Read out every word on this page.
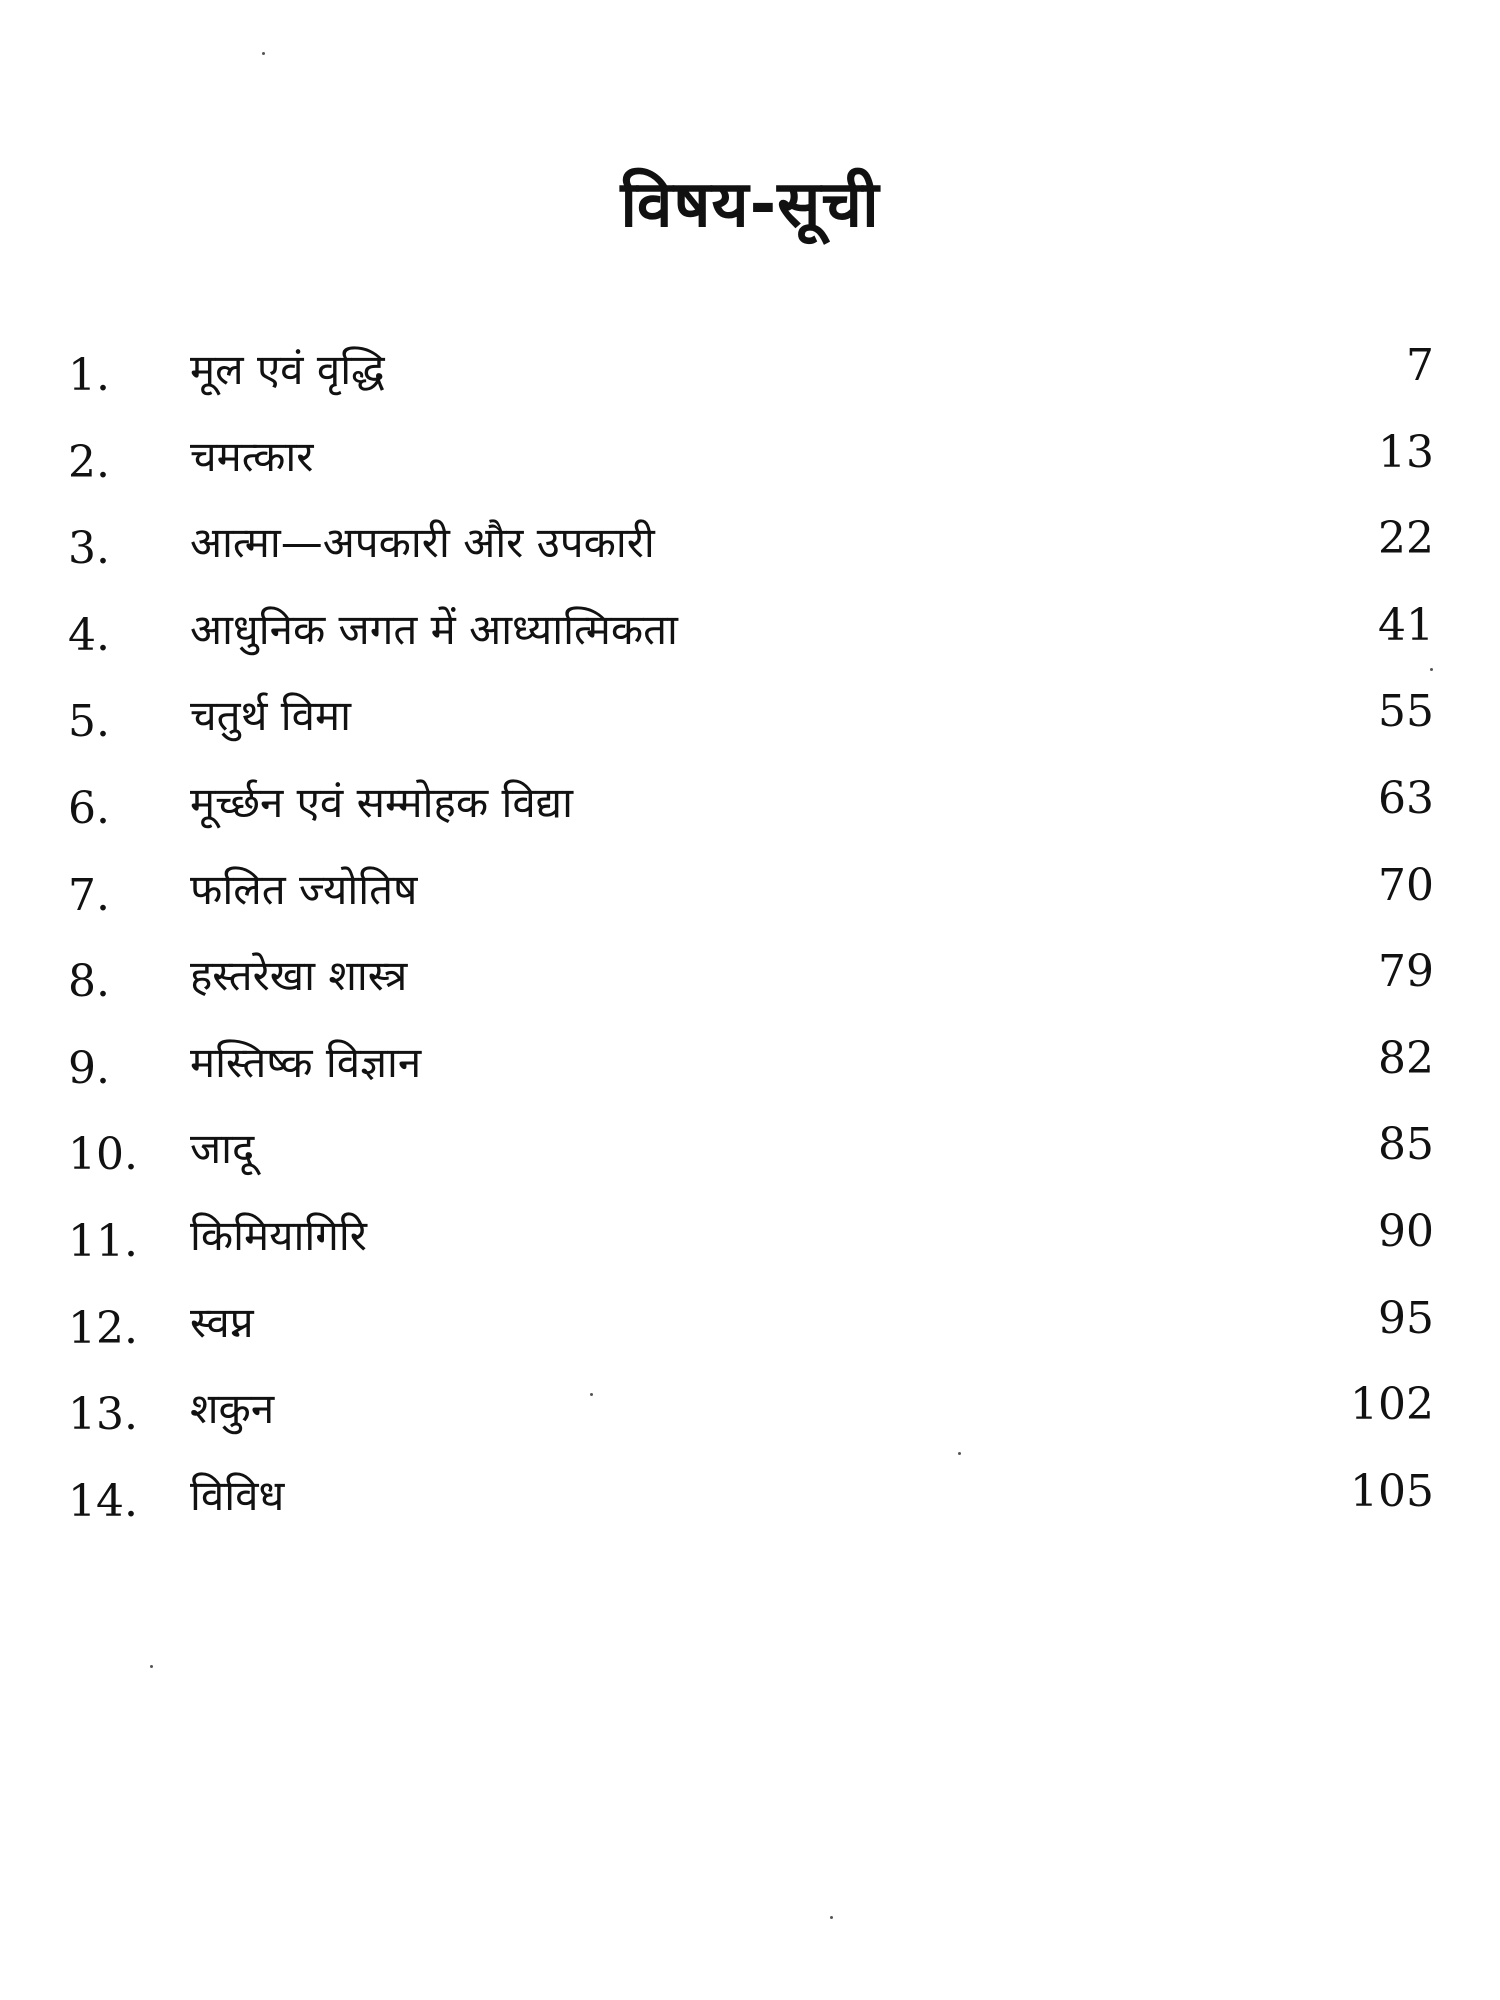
विषय-सूची
1. मूल एवं वृद्धि	7
2. चमत्कार	13
3. आत्मा—अपकारी और उपकारी	22
4. आधुनिक जगत में आध्यात्मिकता	41
5. चतुर्थ विमा	55
6. मूर्च्छन एवं सम्मोहक विद्या	63
7. फलित ज्योतिष	70
8. हस्तरेखा शास्त्र	79
9. मस्तिष्क विज्ञान	82
10. जादू	85
11. किमियागिरि	90
12. स्वप्न	95
13. शकुन	102
14. विविध	105
